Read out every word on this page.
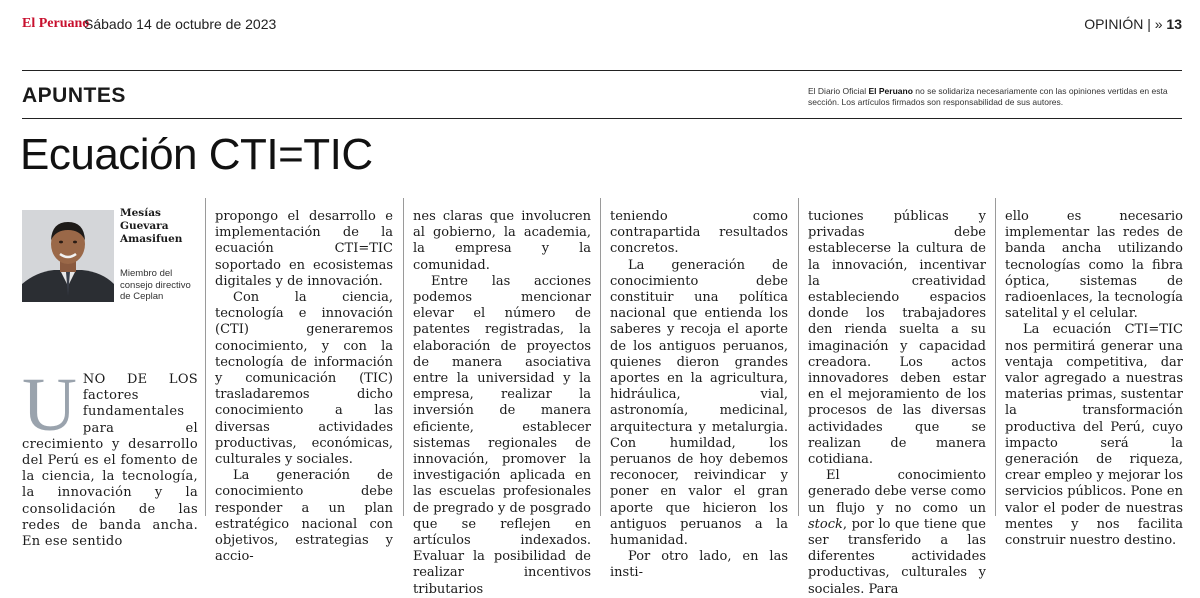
El Peruano
Sábado 14 de octubre de 2023	OPINIÓN | » 13
APUNTES	El Diario Oficial El Peruano no se solidariza necesariamente con las opiniones vertidas en esta sección. Los artículos firmados son responsabilidad de sus autores.
Ecuación CTI=TIC
Mesías
Guevara
Amasifuen
Miembro del consejo directivo de Ceplan
U NO DE LOS factores fundamentales para el crecimiento y desarrollo del Perú es el fomento de la ciencia, la tecnología, la innovación y la consolidación de las redes de banda ancha. En ese sentido

propongo el desarrollo e implementación de la ecuación CTI=TIC soportado en ecosistemas digitales y de innovación.

Con la ciencia, tecnología e innovación (CTI) generaremos conocimiento, y con la tecnología de información y comunicación (TIC) trasladaremos dicho conocimiento a las diversas actividades productivas, económicas, culturales y sociales.

La generación de conocimiento debe responder a un plan estratégico nacional con objetivos, estrategias y accio-

nes claras que involucren al gobierno, la academia, la empresa y la comunidad.

Entre las acciones podemos mencionar elevar el número de patentes registradas, la elaboración de proyectos de manera asociativa entre la universidad y la empresa, realizar la inversión de manera eficiente, establecer sistemas regionales de innovación, promover la investigación aplicada en las escuelas profesionales de pregrado y de posgrado que se reflejen en artículos indexados. Evaluar la posibilidad de realizar incentivos tributarios

teniendo como contrapartida resultados concretos.

La generación de conocimiento debe constituir una política nacional que entienda los saberes y recoja el aporte de los antiguos peruanos, quienes dieron grandes aportes en la agricultura, hidráulica, vial, astronomía, medicinal, arquitectura y metalurgia. Con humildad, los peruanos de hoy debemos reconocer, reivindicar y poner en valor el gran aporte que hicieron los antiguos peruanos a la humanidad.

Por otro lado, en las insti-

tuciones públicas y privadas debe establecerse la cultura de la innovación, incentivar la creatividad estableciendo espacios donde los trabajadores den rienda suelta a su imaginación y capacidad creadora. Los actos innovadores deben estar en el mejoramiento de los procesos de las diversas actividades que se realizan de manera cotidiana.

El conocimiento generado debe verse como un flujo y no como un stock, por lo que tiene que ser transferido a las diferentes actividades productivas, culturales y sociales. Para

ello es necesario implementar las redes de banda ancha utilizando tecnologías como la fibra óptica, sistemas de radioenlaces, la tecnología satelital y el celular.

La ecuación CTI=TIC nos permitirá generar una ventaja competitiva, dar valor agregado a nuestras materias primas, sustentar la transformación productiva del Perú, cuyo impacto será la generación de riqueza, crear empleo y mejorar los servicios públicos. Pone en valor el poder de nuestras mentes y nos facilita construir nuestro destino.
